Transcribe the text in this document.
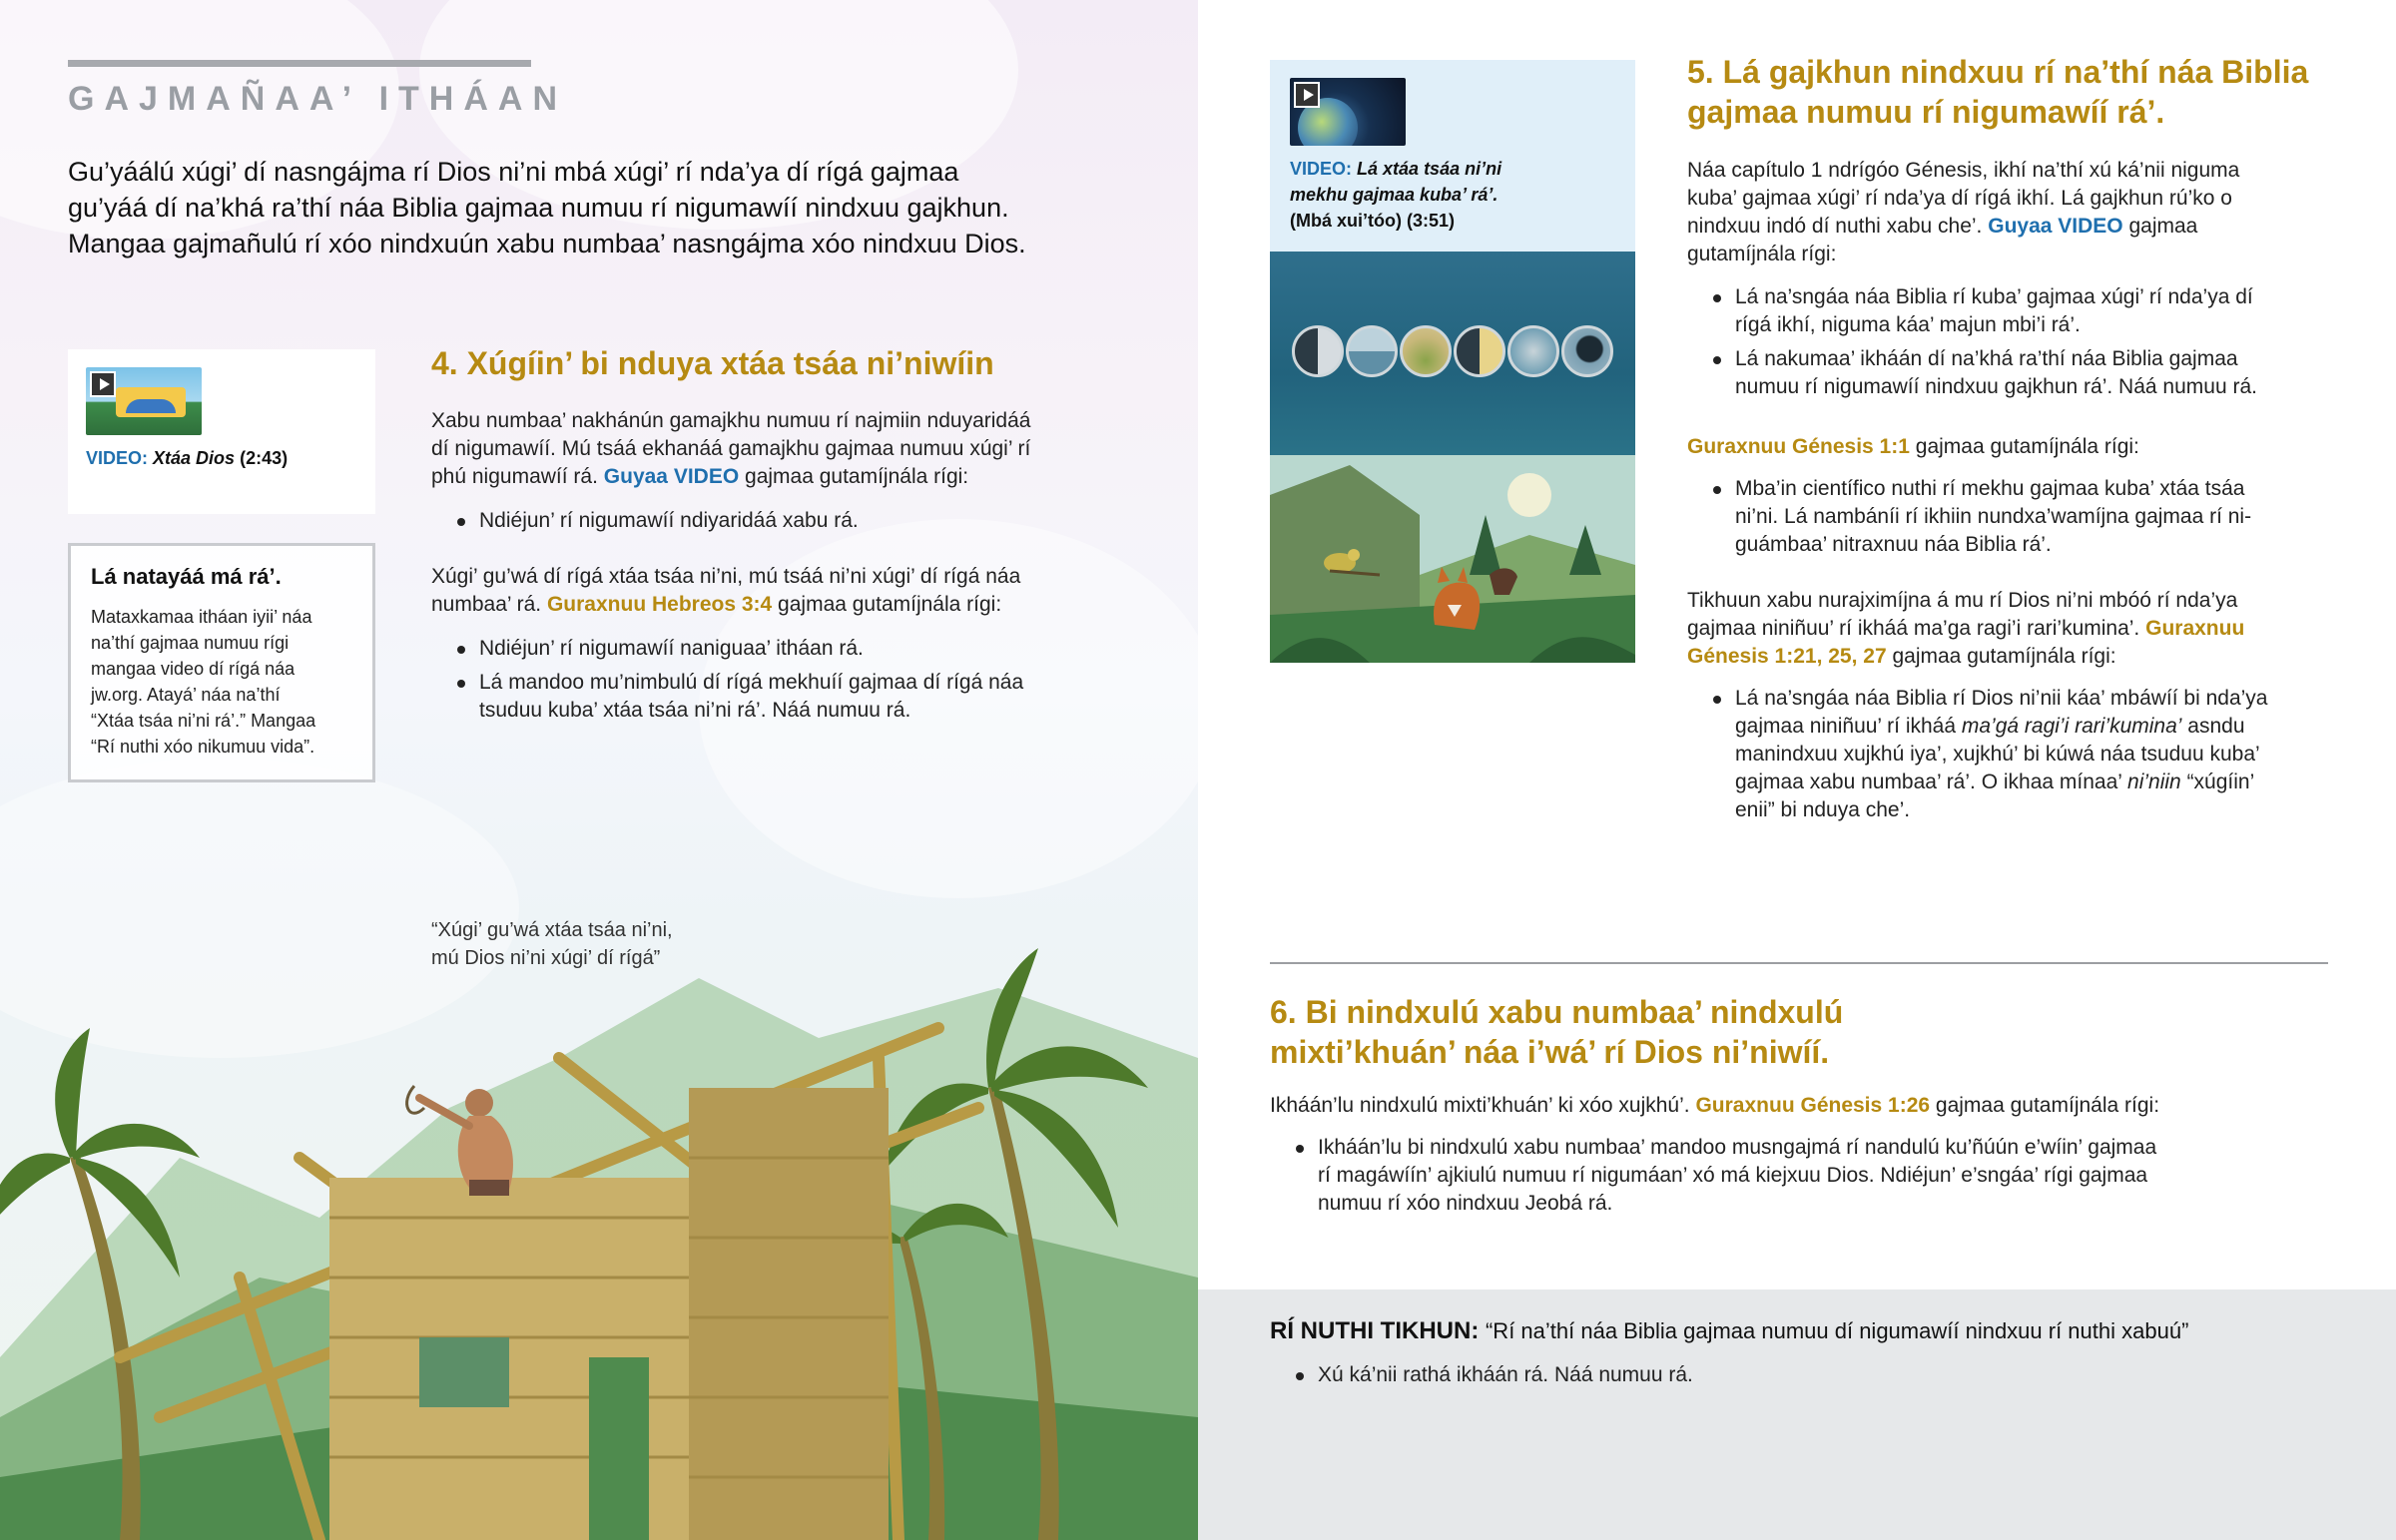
GAJMAÑAA’ ITHÁAN

Gu’yáálú xúgi’ dí nasngájma rí Dios ni’ni mbá xúgi’ rí nda’ya dí rígá gajmaa

gu’yáá dí na’khá ra’thí náa Biblia gajmaa numuu rí nigumawíí nindxuu gajkhun.

Mangaa gajmañulú rí xóo nindxuún xabu numbaa’ nasngájma xóo nindxuu Dios.

VIDEO: Xtáa Dios (2:43)
Lá natayáá má rá’.
Mataxkamaa itháan iyii’ náa
na’thí gajmaa numuu rígi
mangaa video dí rígá náa
jw.org. Atayá’ náa na’thí
“Xtáa tsáa ni’ni rá’.” Mangaa
“Rí nuthi xóo nikumuu vida”.
4. Xúgíin’ bi nduya xtáa tsáa ni’niwíin

Xabu numbaa’ nakhánún gamajkhu numuu rí najmiin nduyaridáá

dí nigumawíí. Mú tsáá ekhanáá gamajkhu gajmaa numuu xúgi’ rí

phú nigumawíí rá. Guyaa VIDEO gajmaa gutamíjnála rígi:

Ndiéjun’ rí nigumawíí ndiyaridáá xabu rá.

Xúgi’ gu’wá dí rígá xtáa tsáa ni’ni, mú tsáá ni’ni xúgi’ dí rígá náa

numbaa’ rá. Guraxnuu Hebreos 3:4 gajmaa gutamíjnála rígi:

Ndiéjun’ rí nigumawíí naniguaa’ itháan rá.
Lá mandoo mu’nimbulú dí rígá mekhuíí gajmaa dí rígá náa
tsuduu kuba’ xtáa tsáa ni’ni rá’. Náá numuu rá.
“Xúgi’ gu’wá xtáa tsáa ni’ni,
mú Dios ni’ni xúgi’ dí rígá”
VIDEO: Lá xtáa tsáa ni’ni
mekhu gajmaa kuba’ rá’.
(Mbá xui’tóo) (3:51)
5. Lá gajkhun nindxuu rí na’thí náa Biblia
gajmaa numuu rí nigumawíí rá’.

Náa capítulo 1 ndrígóo Génesis, ikhí na’thí xú ká’nii niguma

kuba’ gajmaa xúgi’ rí nda’ya dí rígá ikhí. Lá gajkhun rú’ko o

nindxuu indó dí nuthi xabu che’. Guyaa VIDEO gajmaa

gutamíjnála rígi:

Lá na’sngáa náa Biblia rí kuba’ gajmaa xúgi’ rí nda’ya dí
rígá ikhí, niguma káa’ majun mbi’i rá’.
Lá nakumaa’ ikháán dí na’khá ra’thí náa Biblia gajmaa
numuu rí nigumawíí nindxuu gajkhun rá’. Náá numuu rá.
Guraxnuu Génesis 1:1 gajmaa gutamíjnála rígi:
Mba’in científico nuthi rí mekhu gajmaa kuba’ xtáa tsáa
ni’ni. Lá nambáníi rí ikhiin nundxa’wamíjna gajmaa rí ni-
guámbaa’ nitraxnuu náa Biblia rá’.

Tikhuun xabu nurajximíjna á mu rí Dios ni’ni mbóó rí nda’ya

gajmaa niniñuu’ rí ikháá ma’ga ragi’i rari’kumina’. Guraxnuu

Génesis 1:21, 25, 27 gajmaa gutamíjnála rígi:

Lá na’sngáa náa Biblia rí Dios ni’nii káa’ mbáwíí bi nda’ya
gajmaa niniñuu’ rí ikháá ma’gá ragi’i rari’kumina’ asndu
manindxuu xujkhú iya’, xujkhú’ bi kúwá náa tsuduu kuba’
gajmaa xabu numbaa’ rá’. O ikhaa mínaa’ ni’niin “xúgíin’
enii” bi nduya che’.
6. Bi nindxulú xabu numbaa’ nindxulú
mixti’khuán’ náa i’wá’ rí Dios ni’niwíí.
Ikháán’lu nindxulú mixti’khuán’ ki xóo xujkhú’. Guraxnuu Génesis 1:26 gajmaa gutamíjnála rígi:
Ikháán’lu bi nindxulú xabu numbaa’ mandoo musngajmá rí nandulú ku’ñúún e’wíin’ gajmaa
rí magáwíín’ ajkiulú numuu rí nigumáan’ xó má kiejxuu Dios. Ndiéjun’ e’sngáa’ rígi gajmaa
numuu rí xóo nindxuu Jeobá rá.
RÍ NUTHI TIKHUN: “Rí na’thí náa Biblia gajmaa numuu dí nigumawíí nindxuu rí nuthi xabuú”
Xú ká’nii rathá ikháán rá. Náá numuu rá.
